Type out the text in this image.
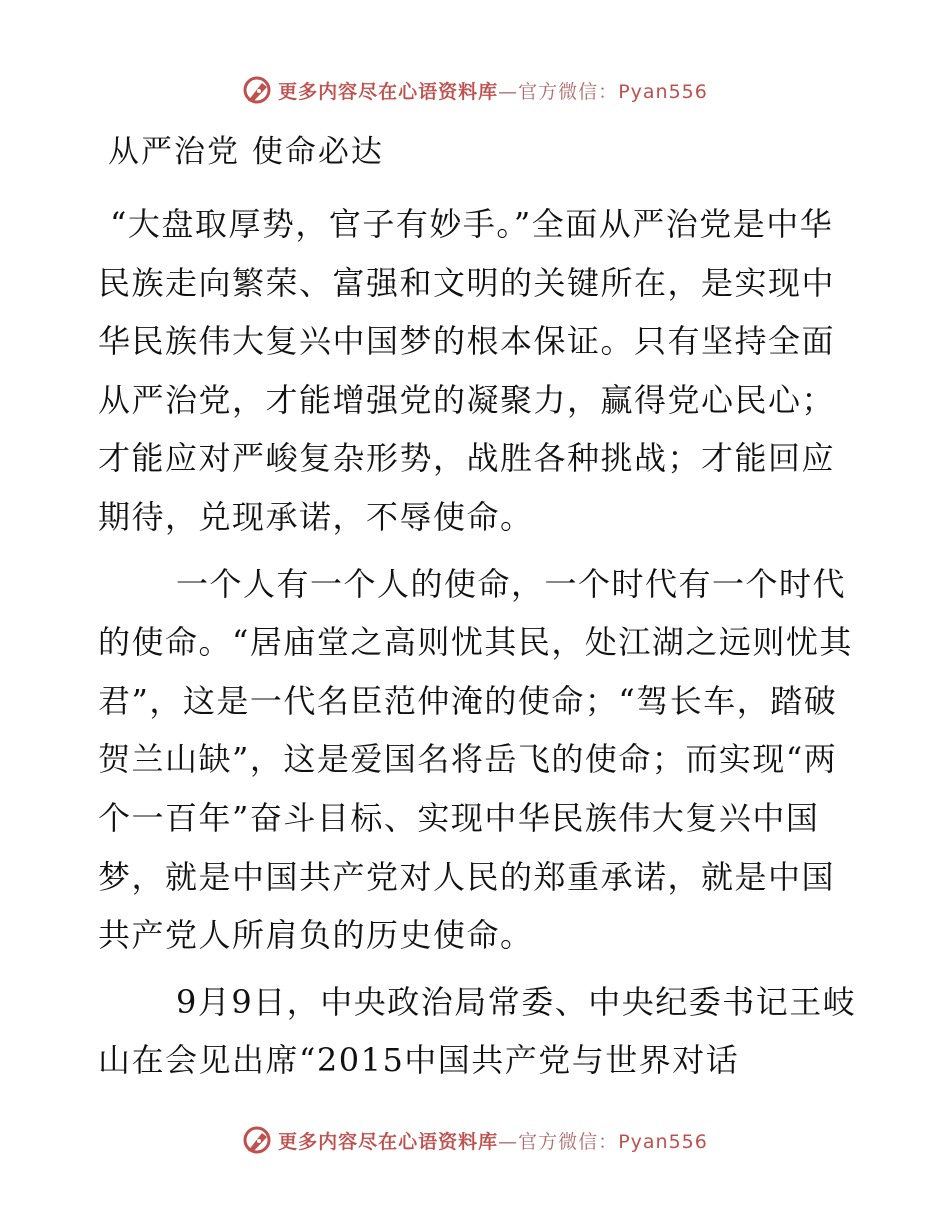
更多内容尽在心语资料库—官方微信：Pyan556
从严治党 使命必达

“大盘取厚势，官子有妙手。”全面从严治党是中华民族走向繁荣、富强和文明的关键所在，是实现中华民族伟大复兴中国梦的根本保证。只有坚持全面从严治党，才能增强党的凝聚力，赢得党心民心；才能应对严峻复杂形势，战胜各种挑战；才能回应期待，兑现承诺，不辱使命。

一个人有一个人的使命，一个时代有一个时代的使命。“居庙堂之高则忧其民，处江湖之远则忧其君”，这是一代名臣范仲淹的使命；“驾长车，踏破贺兰山缺”，这是爱国名将岳飞的使命；而实现“两个一百年”奋斗目标、实现中华民族伟大复兴中国梦，就是中国共产党对人民的郑重承诺，就是中国共产党人所肩负的历史使命。

9月9日，中央政治局常委、中央纪委书记王岐山在会见出席“2015中国共产党与世界对话

更多内容尽在心语资料库—官方微信：Pyan556
